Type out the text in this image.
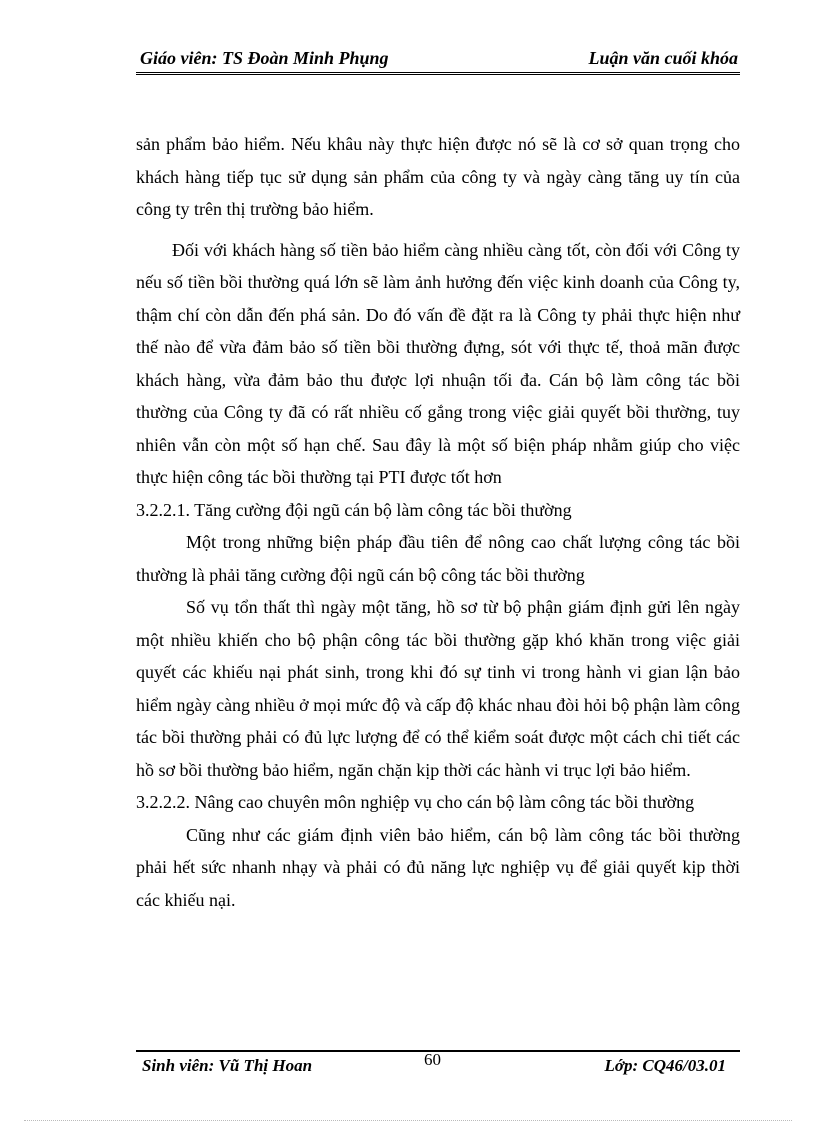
Giáo viên: TS Đoàn Minh Phụng	Luận văn cuối khóa

sản phẩm bảo hiểm. Nếu khâu này thực hiện được nó sẽ là cơ sở quan trọng cho khách hàng tiếp tục sử dụng sản phẩm của công ty và ngày càng tăng uy tín của công ty trên thị trường bảo hiểm.

Đối với khách hàng số tiền bảo hiểm càng nhiều càng tốt, còn đối với Công ty nếu số tiền bồi thường quá lớn sẽ làm ảnh hưởng đến việc kinh doanh của Công ty, thậm chí còn dẫn đến phá sản. Do đó vấn đề đặt ra là Công ty phải thực hiện như thế nào để vừa đảm bảo số tiền bồi thường đựng, sót với thực tế, thoả mãn được khách hàng, vừa đảm bảo thu được lợi nhuận tối đa. Cán bộ làm công tác bồi thường của Công ty đã có rất nhiều cố gắng trong việc giải quyết bồi thường, tuy nhiên vẫn còn một số hạn chế. Sau đây là một số biện pháp nhằm giúp cho việc thực hiện công tác bồi thường tại PTI được tốt hơn

3.2.2.1. Tăng cường đội ngũ cán bộ làm công tác bồi thường

Một trong những biện pháp đầu tiên để nông cao chất lượng công tác bồi thường là phải tăng cường đội ngũ cán bộ công tác bồi thường

Số vụ tổn thất thì ngày một tăng, hồ sơ từ bộ phận giám định gửi lên ngày một nhiều khiến cho bộ phận công tác bồi thường gặp khó khăn trong việc giải quyết các khiếu nại phát sinh, trong khi đó sự tinh vi trong hành vi gian lận bảo hiểm ngày càng nhiều ở mọi mức độ và cấp độ khác nhau đòi hỏi bộ phận làm công tác bồi thường phải có đủ lực lượng để có thể kiểm soát được một cách chi tiết các hồ sơ bồi thường bảo hiểm, ngăn chặn kịp thời các hành vi trục lợi bảo hiểm.

3.2.2.2. Nâng cao chuyên môn nghiệp vụ cho cán bộ làm công tác bồi thường

Cũng như các giám định viên bảo hiểm, cán bộ làm công tác bồi thường phải hết sức nhanh nhạy và phải có đủ năng lực nghiệp vụ để giải quyết kịp thời các khiếu nại.

Sinh viên: Vũ Thị Hoan	60	Lớp: CQ46/03.01
